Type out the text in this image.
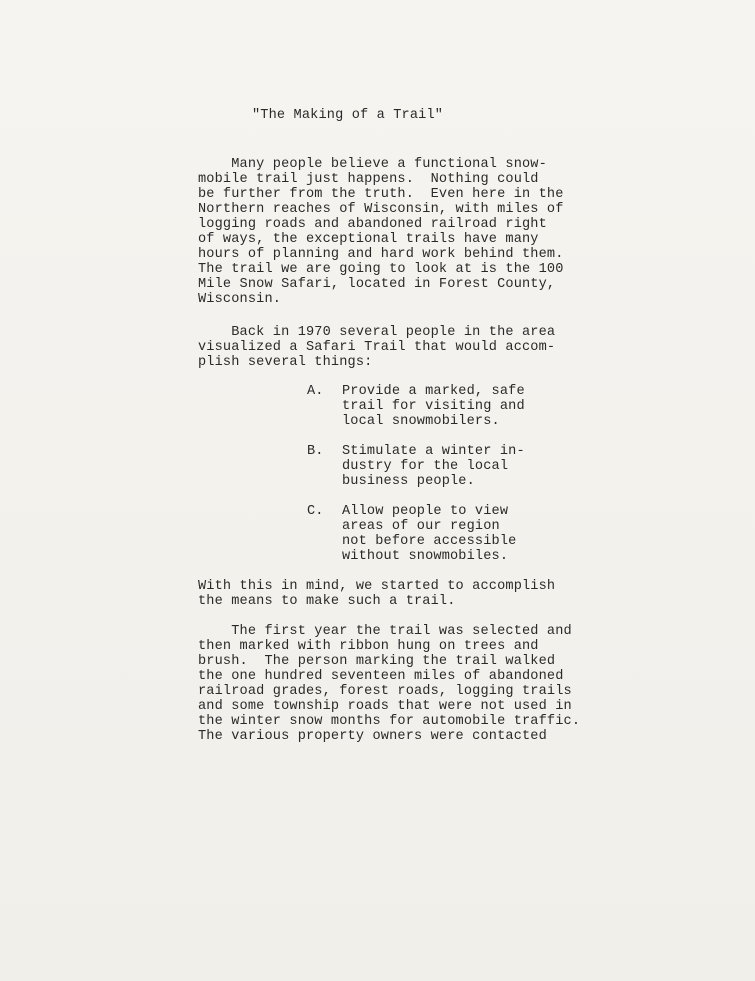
"The Making of a Trail"
Many people believe a functional snow-
mobile trail just happens.  Nothing could
be further from the truth.  Even here in the
Northern reaches of Wisconsin, with miles of
logging roads and abandoned railroad right
of ways, the exceptional trails have many
hours of planning and hard work behind them.
The trail we are going to look at is the 100
Mile Snow Safari, located in Forest County,
Wisconsin.
Back in 1970 several people in the area
visualized a Safari Trail that would accom-
plish several things:
A. Provide a marked, safe
trail for visiting and
local snowmobilers.
B. Stimulate a winter in-
dustry for the local
business people.
C. Allow people to view
areas of our region
not before accessible
without snowmobiles.
With this in mind, we started to accomplish
the means to make such a trail.
The first year the trail was selected and
then marked with ribbon hung on trees and
brush.  The person marking the trail walked
the one hundred seventeen miles of abandoned
railroad grades, forest roads, logging trails
and some township roads that were not used in
the winter snow months for automobile traffic.
The various property owners were contacted
